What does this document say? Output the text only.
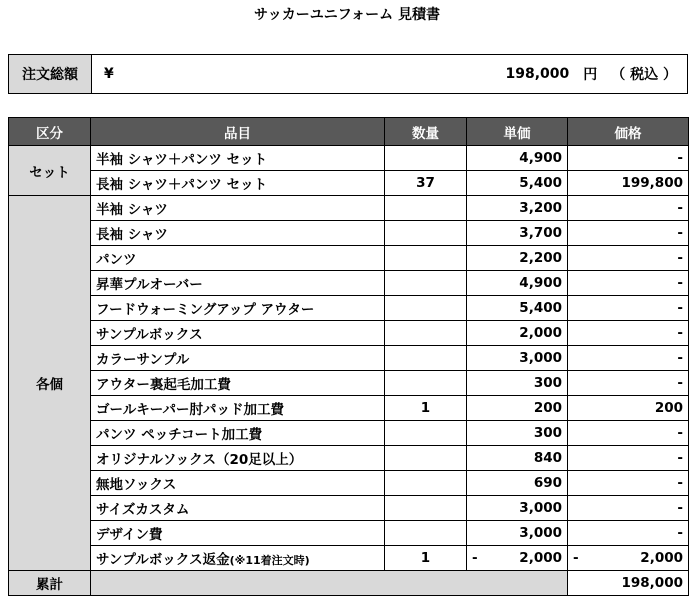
サッカーユニフォーム 見積書
注文総額	¥	198,000 円 （ 税込 ）
区分	品目	数量	単価	価格
セット	半袖 シャツ＋パンツ セット		4,900	-
	長袖 シャツ＋パンツ セット	37	5,400	199,800
各個	半袖 シャツ		3,200	-
	長袖 シャツ		3,700	-
	パンツ		2,200	-
	昇華プルオーバー		4,900	-
	フードウォーミングアップ アウター		5,400	-
	サンプルボックス		2,000	-
	カラーサンプル		3,000	-
	アウター裏起毛加工費		300	-
	ゴールキーパー肘パッド加工費	1	200	200
	パンツ ペッチコート加工費		300	-
	オリジナルソックス（20足以上）		840	-
	無地ソックス		690	-
	サイズカスタム		3,000	-
	デザイン費		3,000	-
	サンプルボックス返金(※11着注文時)	1	- 2,000	- 2,000

累計				198,000
